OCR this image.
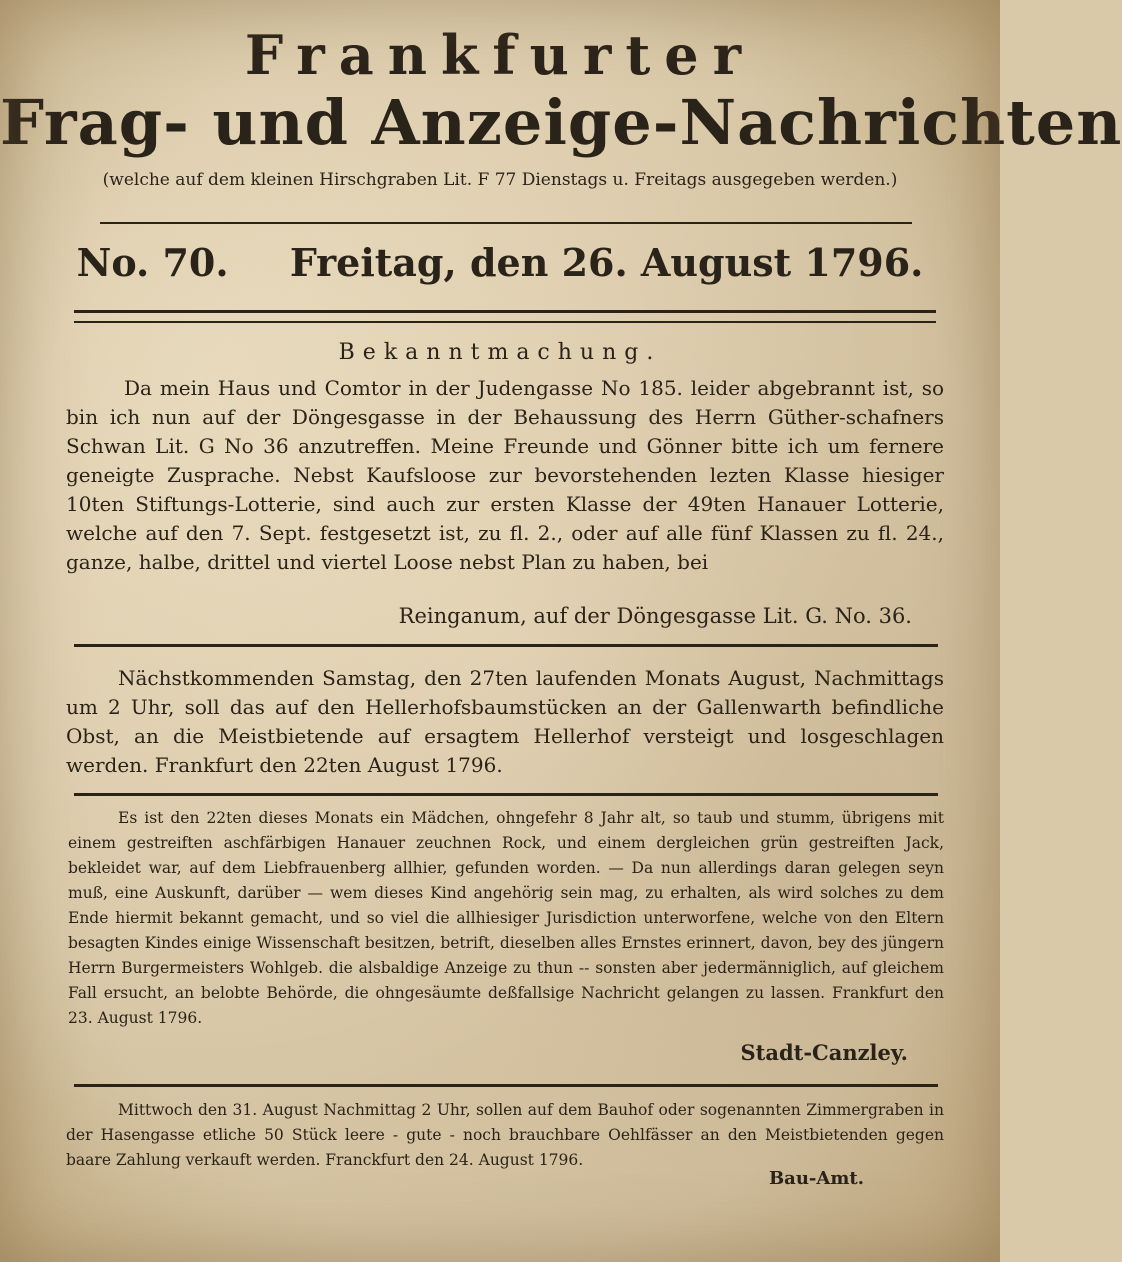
Frankfurter
Frag- und Anzeige-Nachrichten
(welche auf dem kleinen Hirschgraben Lit. F 77 Dienstags u. Freitags ausgegeben werden.)
No. 70. Freitag, den 26. August 1796.
Bekanntmachung.

Da mein Haus und Comtor in der Judengasse No 185. leider abgebrannt ist, so bin ich nun auf der Döngesgasse in der Behaussung des Herrn Güther-schafners Schwan Lit. G No 36 anzutreffen. Meine Freunde und Gönner bitte ich um fernere geneigte Zusprache. Nebst Kaufsloose zur bevorstehenden lezten Klasse hiesiger 10ten Stiftungs-Lotterie, sind auch zur ersten Klasse der 49ten Hanauer Lotterie, welche auf den 7. Sept. festgesetzt ist, zu fl. 2., oder auf alle fünf Klassen zu fl. 24., ganze, halbe, drittel und viertel Loose nebst Plan zu haben, bei

Reinganum, auf der Döngesgasse Lit. G. No. 36.

Nächstkommenden Samstag, den 27ten laufenden Monats August, Nachmittags um 2 Uhr, soll das auf den Hellerhofsbaumstücken an der Gallenwarth befindliche Obst, an die Meistbietende auf ersagtem Hellerhof versteigt und losgeschlagen werden. Frankfurt den 22ten August 1796.

Es ist den 22ten dieses Monats ein Mädchen, ohngefehr 8 Jahr alt, so taub und stumm, übrigens mit einem gestreiften aschfärbigen Hanauer zeuchnen Rock, und einem dergleichen grün gestreiften Jack, bekleidet war, auf dem Liebfrauenberg allhier, gefunden worden. — Da nun allerdings daran gelegen seyn muß, eine Auskunft, darüber — wem dieses Kind angehörig sein mag, zu erhalten, als wird solches zu dem Ende hiermit bekannt gemacht, und so viel die allhiesiger Jurisdiction unterworfene, welche von den Eltern besagten Kindes einige Wissenschaft besitzen, betrift, dieselben alles Ernstes erinnert, davon, bey des jüngern Herrn Burgermeisters Wohlgeb. die alsbaldige Anzeige zu thun -- sonsten aber jedermänniglich, auf gleichem Fall ersucht, an belobte Behörde, die ohngesäumte deßfallsige Nachricht gelangen zu lassen. Frankfurt den 23. August 1796.

Stadt-Canzley.

Mittwoch den 31. August Nachmittag 2 Uhr, sollen auf dem Bauhof oder sogenannten Zimmergraben in der Hasengasse etliche 50 Stück leere - gute - noch brauchbare Oehlfässer an den Meistbietenden gegen baare Zahlung verkauft werden. Franckfurt den 24. August 1796.

Bau-Amt.
